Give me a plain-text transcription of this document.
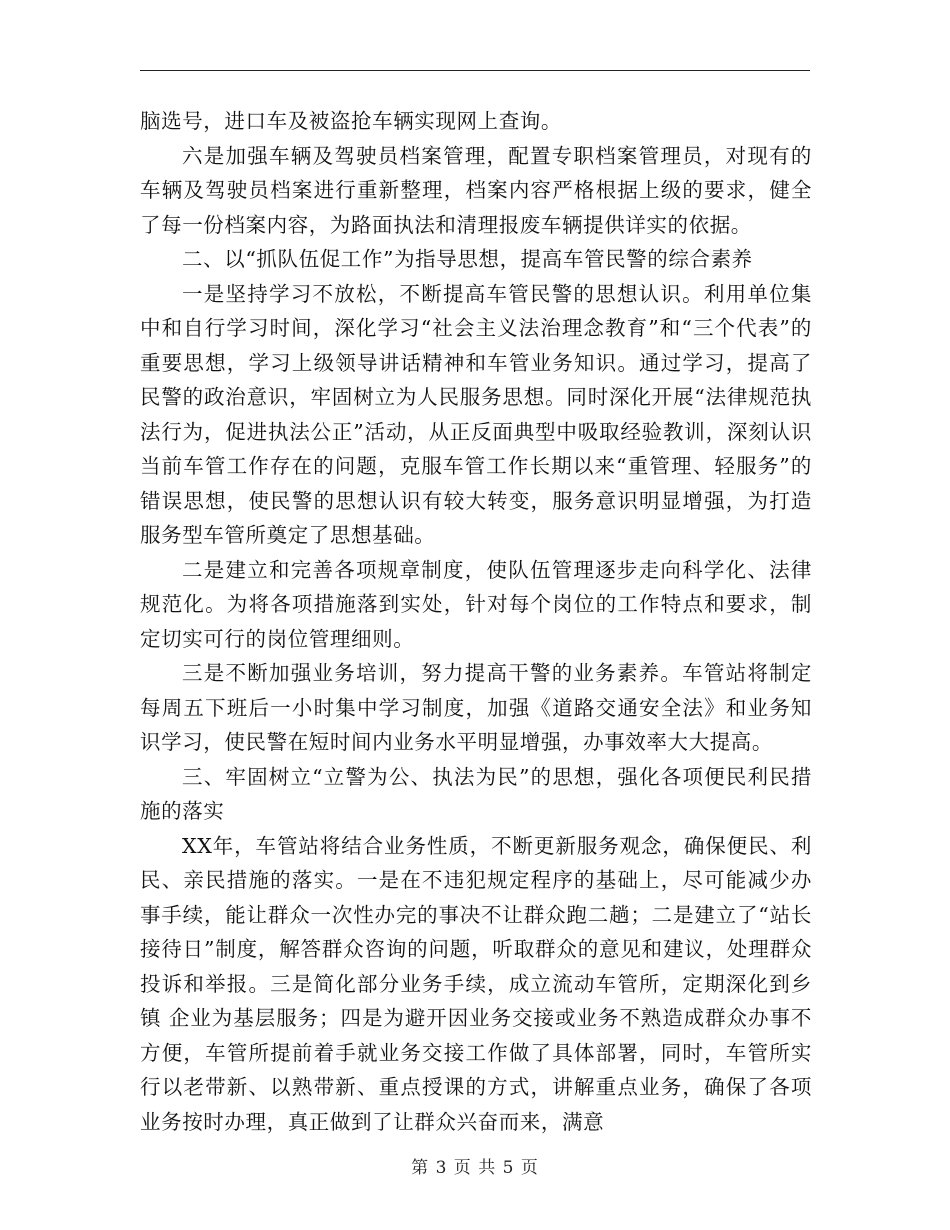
脑选号，进口车及被盗抢车辆实现网上查询。

六是加强车辆及驾驶员档案管理，配置专职档案管理员，对现有的车辆及驾驶员档案进行重新整理，档案内容严格根据上级的要求，健全了每一份档案内容，为路面执法和清理报废车辆提供详实的依据。

二、以“抓队伍促工作”为指导思想，提高车管民警的综合素养

一是坚持学习不放松，不断提高车管民警的思想认识。利用单位集中和自行学习时间，深化学习“社会主义法治理念教育”和“三个代表”的重要思想，学习上级领导讲话精神和车管业务知识。通过学习，提高了民警的政治意识，牢固树立为人民服务思想。同时深化开展“法律规范执法行为，促进执法公正”活动，从正反面典型中吸取经验教训，深刻认识当前车管工作存在的问题，克服车管工作长期以来“重管理、轻服务”的错误思想，使民警的思想认识有较大转变，服务意识明显增强，为打造服务型车管所奠定了思想基础。

二是建立和完善各项规章制度，使队伍管理逐步走向科学化、法律规范化。为将各项措施落到实处，针对每个岗位的工作特点和要求，制定切实可行的岗位管理细则。

三是不断加强业务培训，努力提高干警的业务素养。车管站将制定每周五下班后一小时集中学习制度，加强《道路交通安全法》和业务知识学习，使民警在短时间内业务水平明显增强，办事效率大大提高。

三、牢固树立“立警为公、执法为民”的思想，强化各项便民利民措施的落实

XX年，车管站将结合业务性质，不断更新服务观念，确保便民、利民、亲民措施的落实。一是在不违犯规定程序的基础上，尽可能减少办事手续，能让群众一次性办完的事决不让群众跑二趟；二是建立了“站长接待日”制度，解答群众咨询的问题，听取群众的意见和建议，处理群众投诉和举报。三是简化部分业务手续，成立流动车管所，定期深化到乡镇 企业为基层服务；四是为避开因业务交接或业务不熟造成群众办事不方便，车管所提前着手就业务交接工作做了具体部署，同时，车管所实行以老带新、以熟带新、重点授课的方式，讲解重点业务，确保了各项业务按时办理，真正做到了让群众兴奋而来，满意

第 3 页 共 5 页
